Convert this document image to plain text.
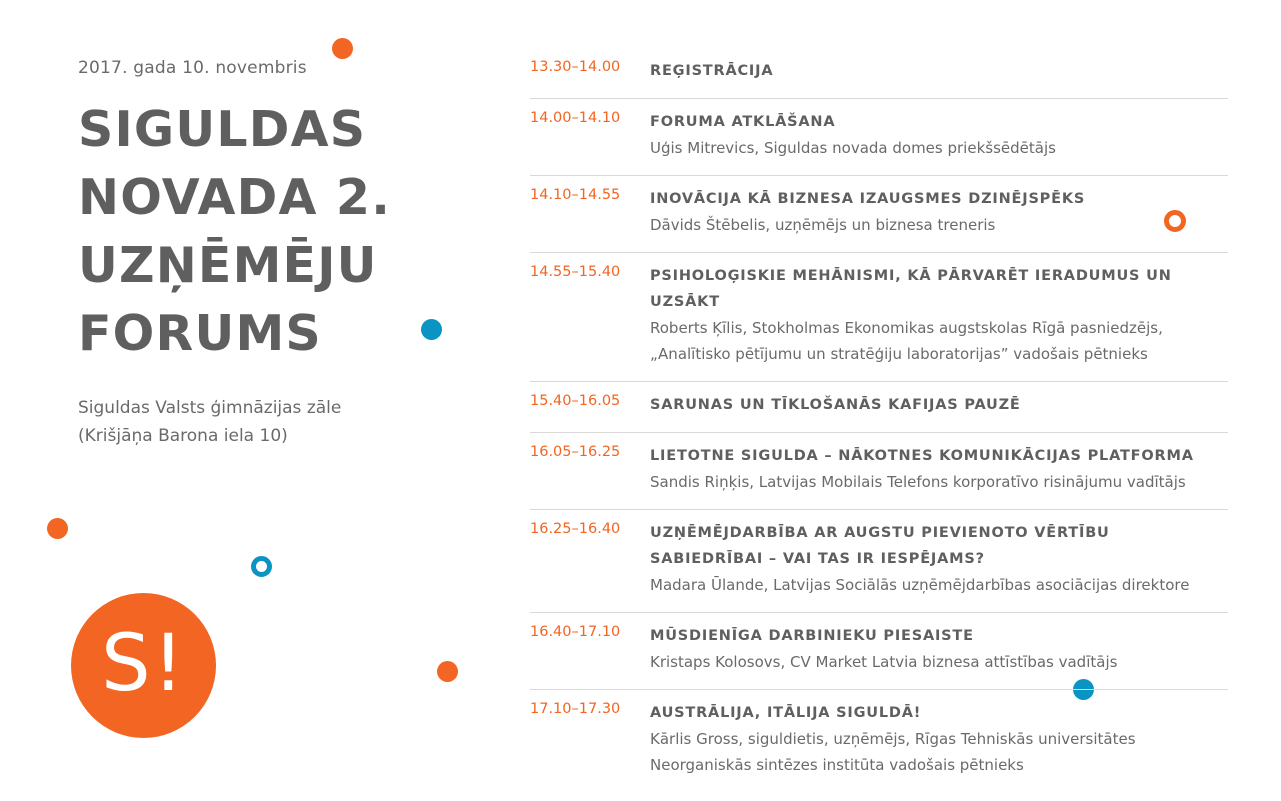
2017. gada 10. novembris
SIGULDAS
NOVADA 2.
UZŅĒMĒJU
FORUMS
Siguldas Valsts ģimnāzijas zāle
(Krišjāņa Barona iela 10)
S!
13.30–14.00	REĢISTRĀCIJA
14.00–14.10	FORUMA ATKLĀŠANA
Uģis Mitrevics, Siguldas novada domes priekšsēdētājs
14.10–14.55	INOVĀCIJA KĀ BIZNESA IZAUGSMES DZINĒJSPĒKS
Dāvids Štēbelis, uzņēmējs un biznesa treneris
14.55–15.40	PSIHOLOĢISKIE MEHĀNISMI, KĀ PĀRVARĒT IERADUMUS UN UZSĀKT
Roberts Ķīlis, Stokholmas Ekonomikas augstskolas Rīgā pasniedzējs, „Analītisko pētījumu un stratēģiju laboratorijas” vadošais pētnieks
15.40–16.05	SARUNAS UN TĪKLOŠANĀS KAFIJAS PAUZĒ
16.05–16.25	LIETOTNE SIGULDA – NĀKOTNES KOMUNIKĀCIJAS PLATFORMA
Sandis Riņķis, Latvijas Mobilais Telefons korporatīvo risinājumu vadītājs
16.25–16.40	UZŅĒMĒJDARBĪBA AR AUGSTU PIEVIENOTO VĒRTĪBU SABIEDRĪBAI – VAI TAS IR IESPĒJAMS?
Madara Ūlande, Latvijas Sociālās uzņēmējdarbības asociācijas direktore
16.40–17.10	MŪSDIENĪGA DARBINIEKU PIESAISTE
Kristaps Kolosovs, CV Market Latvia biznesa attīstības vadītājs
17.10–17.30	AUSTRĀLIJA, ITĀLIJA SIGULDĀ!
Kārlis Gross, siguldietis, uzņēmējs, Rīgas Tehniskās universitātes Neorganiskās sintēzes institūta vadošais pētnieks
